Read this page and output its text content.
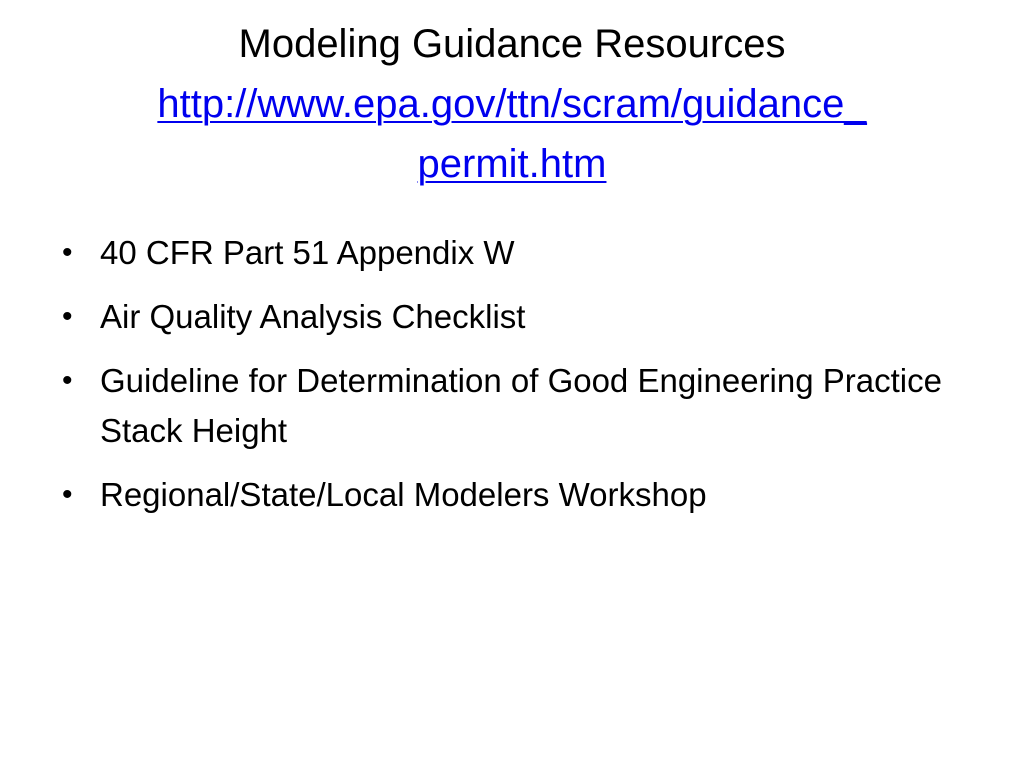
Modeling Guidance Resources
http://www.epa.gov/ttn/scram/guidance_
permit.htm
• 40 CFR Part 51 Appendix W
• Air Quality Analysis Checklist
• Guideline for Determination of Good Engineering Practice Stack Height
• Regional/State/Local Modelers Workshop
